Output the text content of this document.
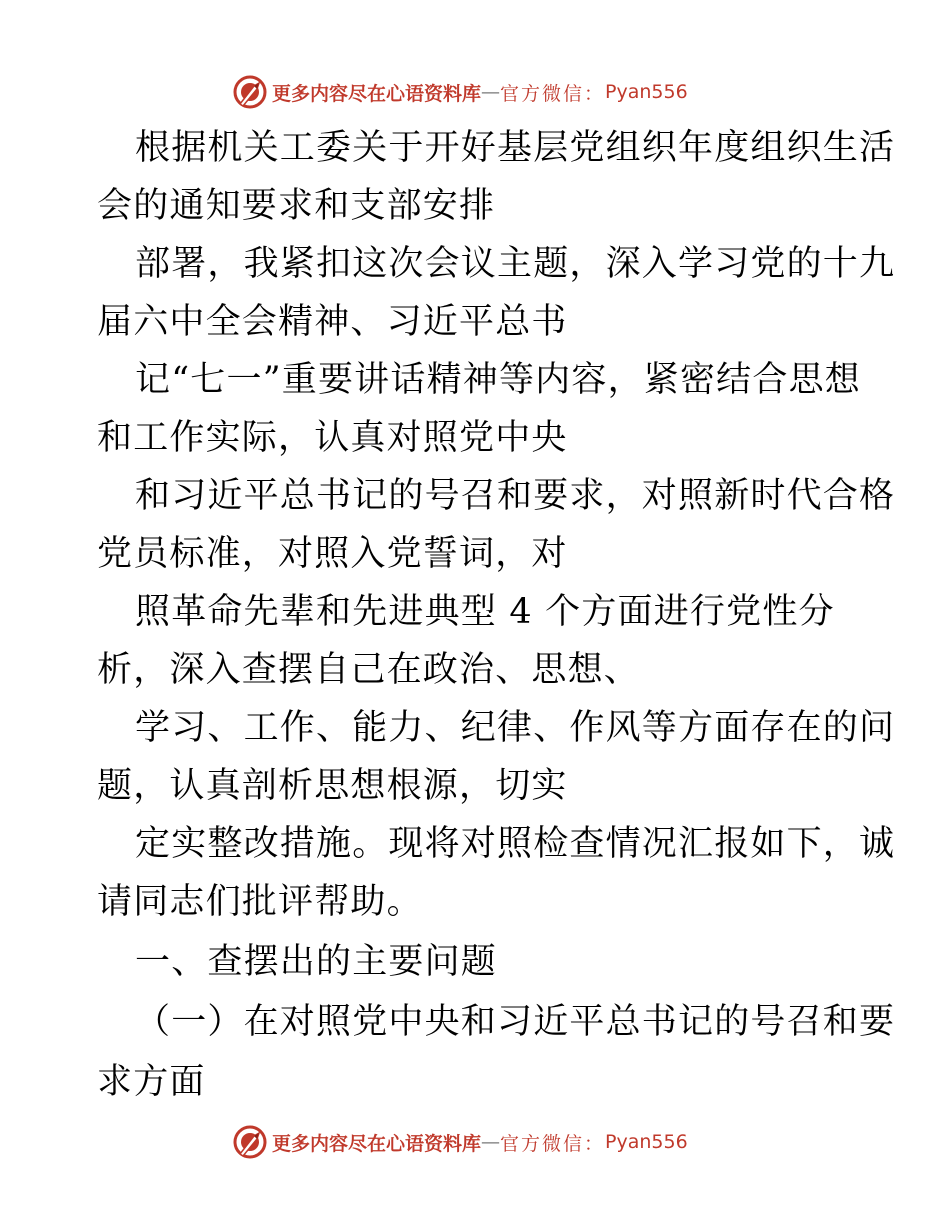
更多内容尽在心语资料库 — 官方微信： Pyan556
根据机关工委关于开好基层党组织年度组织生活
会的通知要求和支部安排
部署，我紧扣这次会议主题，深入学习党的十九
届六中全会精神、习近平总书
记“七一”重要讲话精神等内容，紧密结合思想
和工作实际，认真对照党中央
和习近平总书记的号召和要求，对照新时代合格
党员标准，对照入党誓词，对
照革命先辈和先进典型 4 个方面进行党性分
析，深入查摆自己在政治、思想、
学习、工作、能力、纪律、作风等方面存在的问
题，认真剖析思想根源，切实
定实整改措施。现将对照检查情况汇报如下，诚
请同志们批评帮助。
一、查摆出的主要问题
（一）在对照党中央和习近平总书记的号召和要
求方面
更多内容尽在心语资料库 — 官方微信： Pyan556
